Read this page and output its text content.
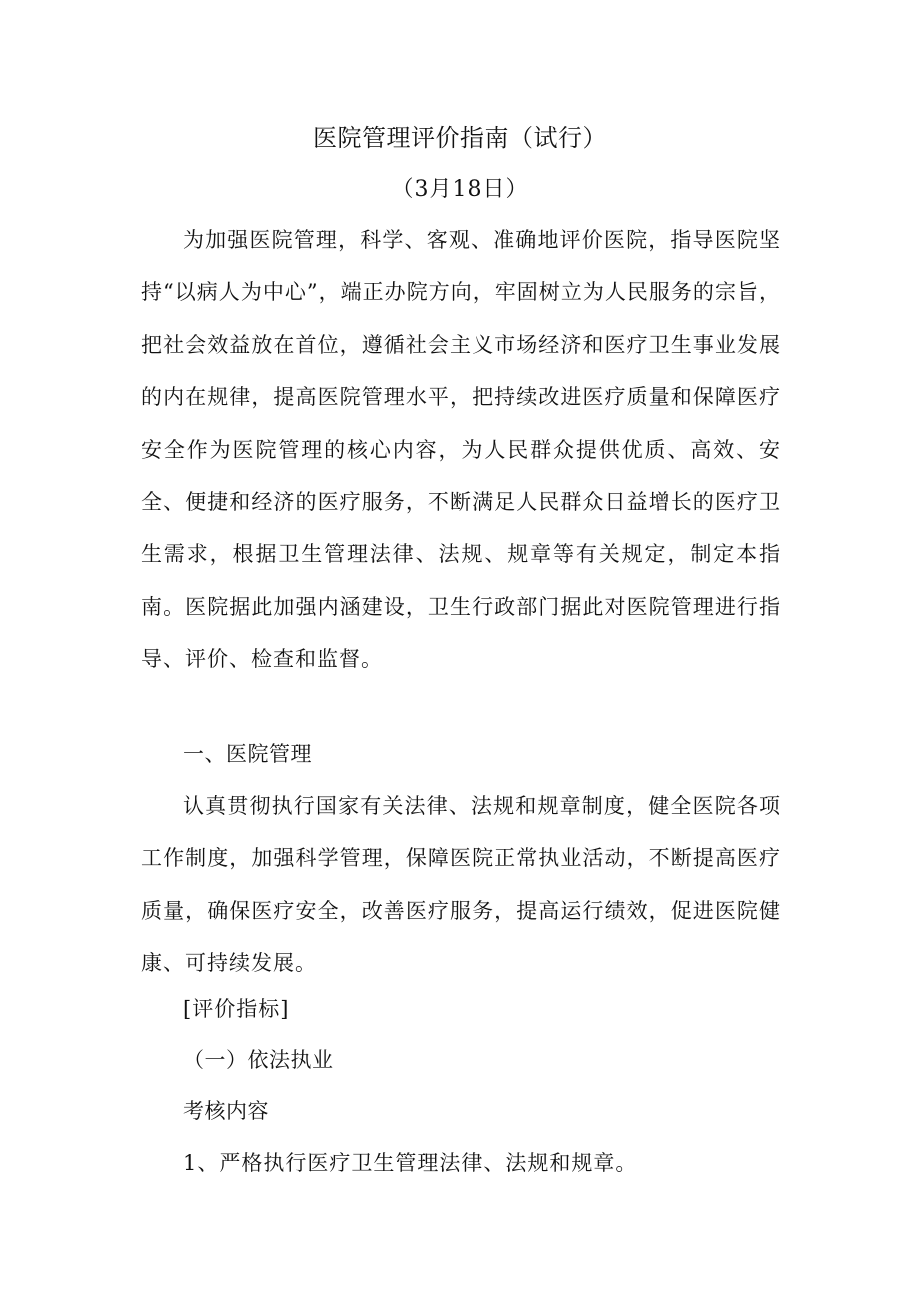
医院管理评价指南（试行）
（3月18日）
为加强医院管理，科学、客观、准确地评价医院，指导医院坚持“以病人为中心”，端正办院方向，牢固树立为人民服务的宗旨，把社会效益放在首位，遵循社会主义市场经济和医疗卫生事业发展的内在规律，提高医院管理水平，把持续改进医疗质量和保障医疗安全作为医院管理的核心内容，为人民群众提供优质、高效、安全、便捷和经济的医疗服务，不断满足人民群众日益增长的医疗卫生需求，根据卫生管理法律、法规、规章等有关规定，制定本指南。医院据此加强内涵建设，卫生行政部门据此对医院管理进行指导、评价、检查和监督。
一、医院管理
认真贯彻执行国家有关法律、法规和规章制度，健全医院各项工作制度，加强科学管理，保障医院正常执业活动，不断提高医疗质量，确保医疗安全，改善医疗服务，提高运行绩效，促进医院健康、可持续发展。
[评价指标]
（一）依法执业
考核内容
1、严格执行医疗卫生管理法律、法规和规章。
